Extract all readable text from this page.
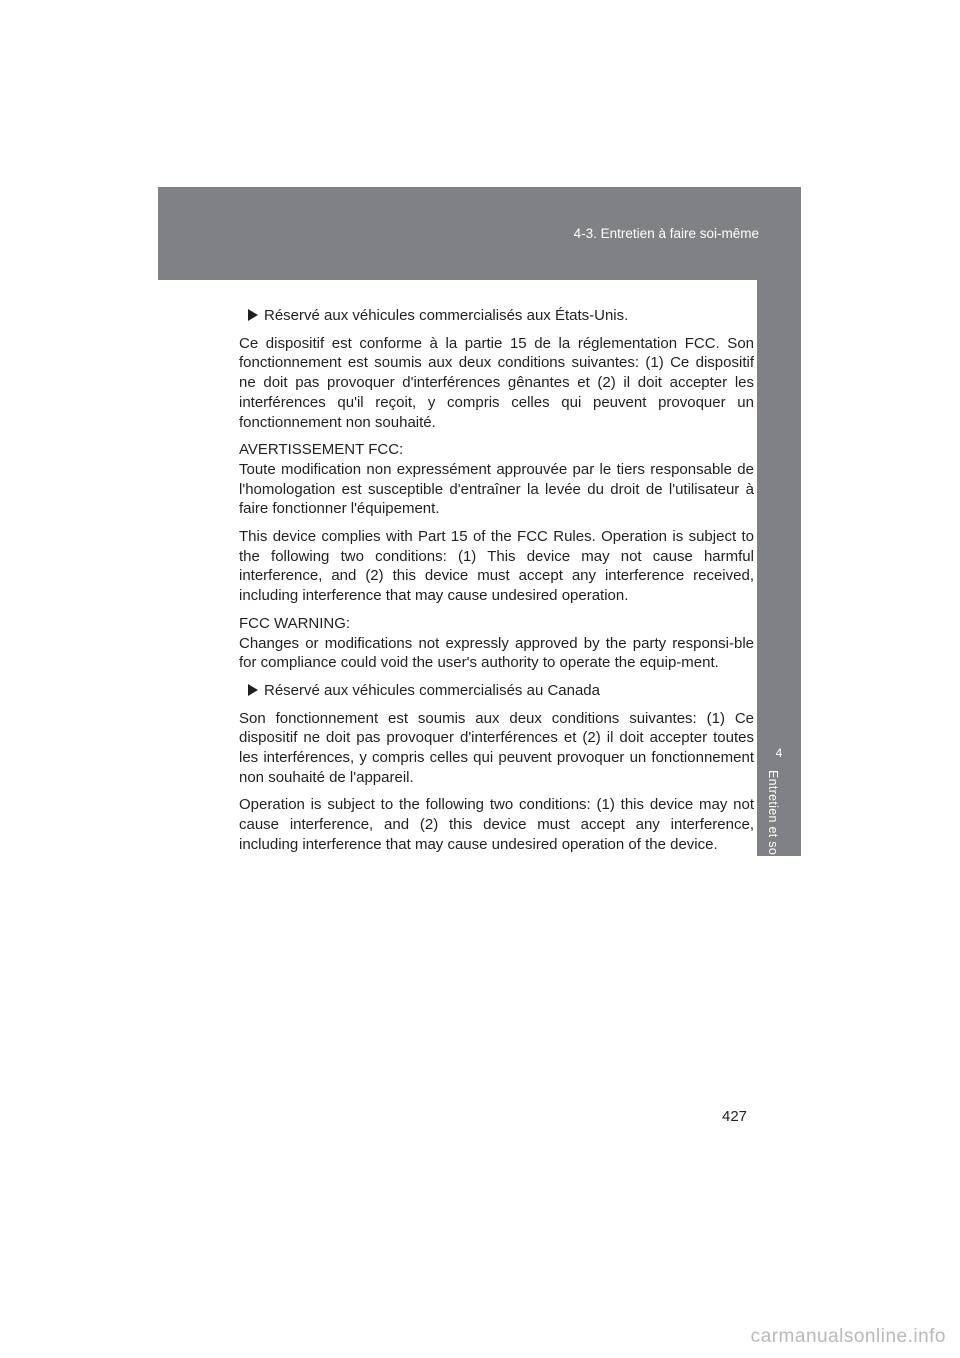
4-3. Entretien à faire soi-même
4
Entretien et soin

Réservé aux véhicules commercialisés aux États-Unis.

Ce dispositif est conforme à la partie 15 de la réglementation FCC. Son fonctionnement est soumis aux deux conditions suivantes: (1) Ce dispositif ne doit pas provoquer d'interférences gênantes et (2) il doit accepter les interférences qu'il reçoit, y compris celles qui peuvent provoquer un fonctionnement non souhaité.

AVERTISSEMENT FCC:
Toute modification non expressément approuvée par le tiers responsable de l'homologation est susceptible d'entraîner la levée du droit de l'utilisateur à faire fonctionner l'équipement.

This device complies with Part 15 of the FCC Rules. Operation is subject to the following two conditions: (1) This device may not cause harmful interference, and (2) this device must accept any interference received, including interference that may cause undesired operation.

FCC WARNING:
Changes or modifications not expressly approved by the party responsi-ble for compliance could void the user's authority to operate the equip-ment.

Réservé aux véhicules commercialisés au Canada

Son fonctionnement est soumis aux deux conditions suivantes: (1) Ce dispositif ne doit pas provoquer d'interférences et (2) il doit accepter toutes les interférences, y compris celles qui peuvent provoquer un fonctionnement non souhaité de l'appareil.

Operation is subject to the following two conditions: (1) this device may not cause interference, and (2) this device must accept any interference, including interference that may cause undesired operation of the device.

427
carmanualsonline.info
